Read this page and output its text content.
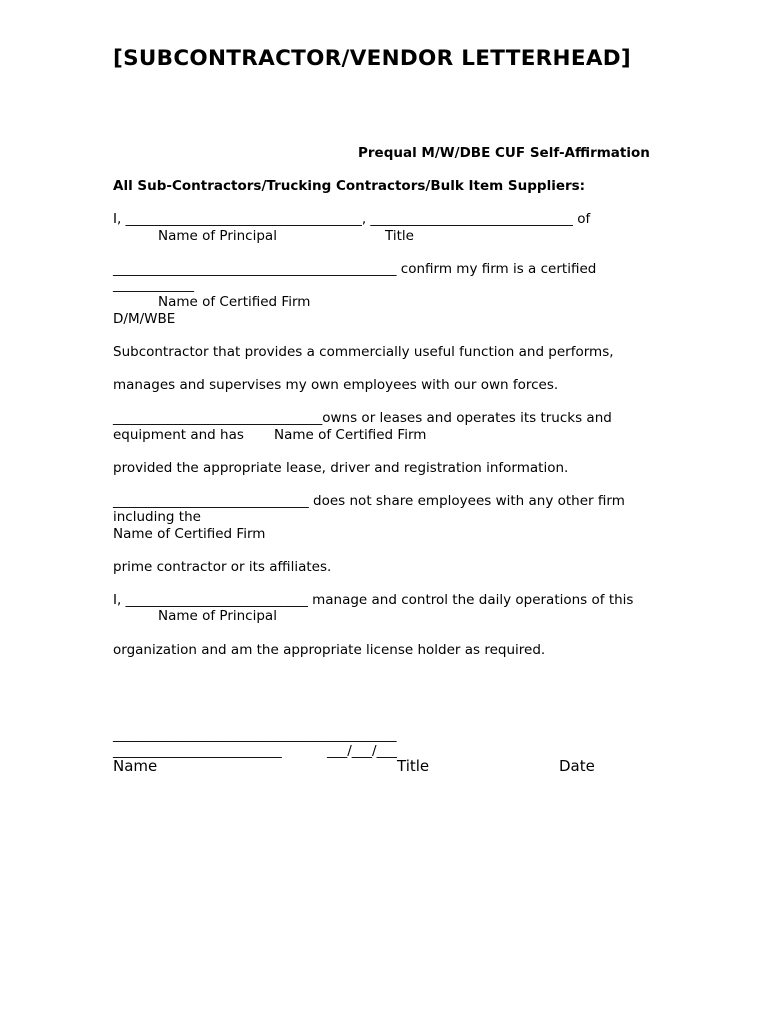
[SUBCONTRACTOR/VENDOR LETTERHEAD]
Prequal M/W/DBE CUF Self-Affirmation
All Sub-Contractors/Trucking Contractors/Bulk Item Suppliers:
I, ___________________________________, ______________________________ of
Name of Principal	Title
__________________________________________ confirm my firm is a certified
____________
Name of Certified Firm
D/M/WBE
Subcontractor that provides a commercially useful function and performs,
manages and supervises my own employees with our own forces.
_______________________________owns or leases and operates its trucks and
equipment and has Name of Certified Firm
provided the appropriate lease, driver and registration information.
_____________________________ does not share employees with any other firm
including the
Name of Certified Firm
prime contractor or its affiliates.
I, ___________________________ manage and control the daily operations of this
Name of Principal
organization and am the appropriate license holder as required.
__________________________________________
_________________________	___/___/___
Name	Title	Date
